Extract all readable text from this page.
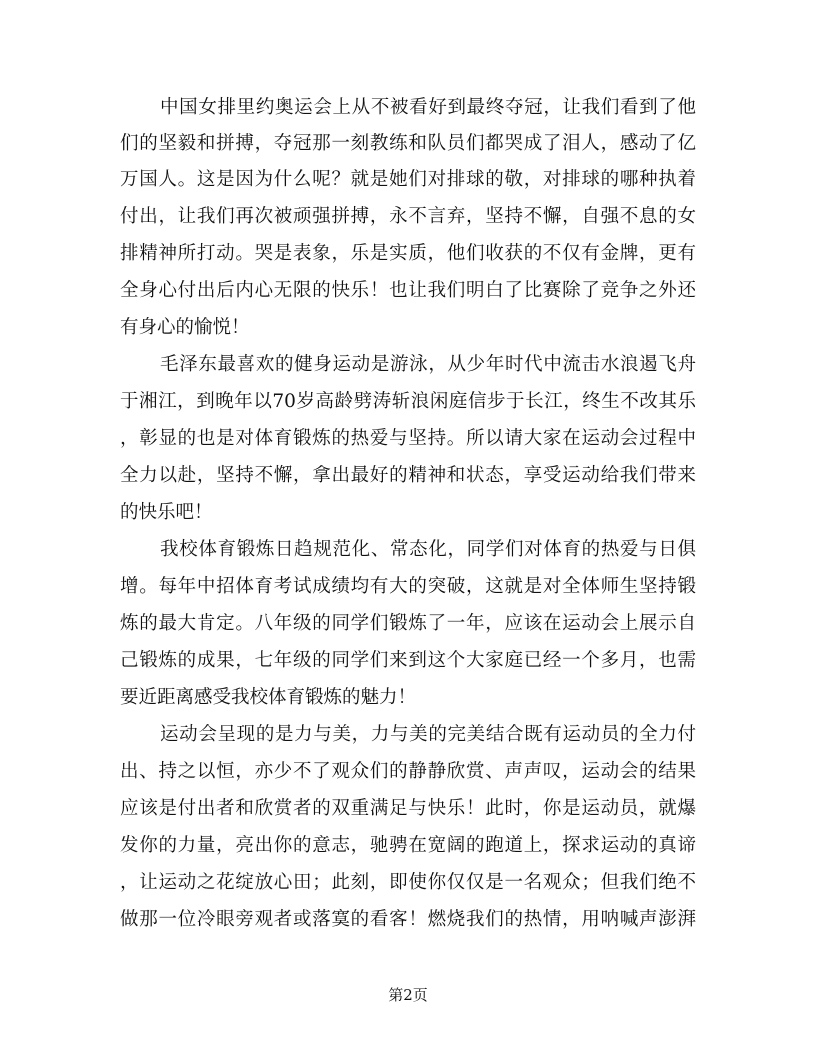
中国女排里约奥运会上从不被看好到最终夺冠，让我们看到了他
们的坚毅和拼搏，夺冠那一刻教练和队员们都哭成了泪人，感动了亿
万国人。这是因为什么呢？就是她们对排球的敬，对排球的哪种执着
付出，让我们再次被顽强拼搏，永不言弃，坚持不懈，自强不息的女
排精神所打动。哭是表象，乐是实质，他们收获的不仅有金牌，更有
全身心付出后内心无限的快乐！也让我们明白了比赛除了竞争之外还
有身心的愉悦！
毛泽东最喜欢的健身运动是游泳，从少年时代中流击水浪遏飞舟
于湘江，到晚年以70岁高龄劈涛斩浪闲庭信步于长江，终生不改其乐
，彰显的也是对体育锻炼的热爱与坚持。所以请大家在运动会过程中
全力以赴，坚持不懈，拿出最好的精神和状态，享受运动给我们带来
的快乐吧！
我校体育锻炼日趋规范化、常态化，同学们对体育的热爱与日俱
增。每年中招体育考试成绩均有大的突破，这就是对全体师生坚持锻
炼的最大肯定。八年级的同学们锻炼了一年，应该在运动会上展示自
己锻炼的成果，七年级的同学们来到这个大家庭已经一个多月，也需
要近距离感受我校体育锻炼的魅力！
运动会呈现的是力与美，力与美的完美结合既有运动员的全力付
出、持之以恒，亦少不了观众们的静静欣赏、声声叹，运动会的结果
应该是付出者和欣赏者的双重满足与快乐！此时，你是运动员，就爆
发你的力量，亮出你的意志，驰骋在宽阔的跑道上，探求运动的真谛
，让运动之花绽放心田；此刻，即使你仅仅是一名观众；但我们绝不
做那一位冷眼旁观者或落寞的看客！燃烧我们的热情，用呐喊声澎湃
第2页
